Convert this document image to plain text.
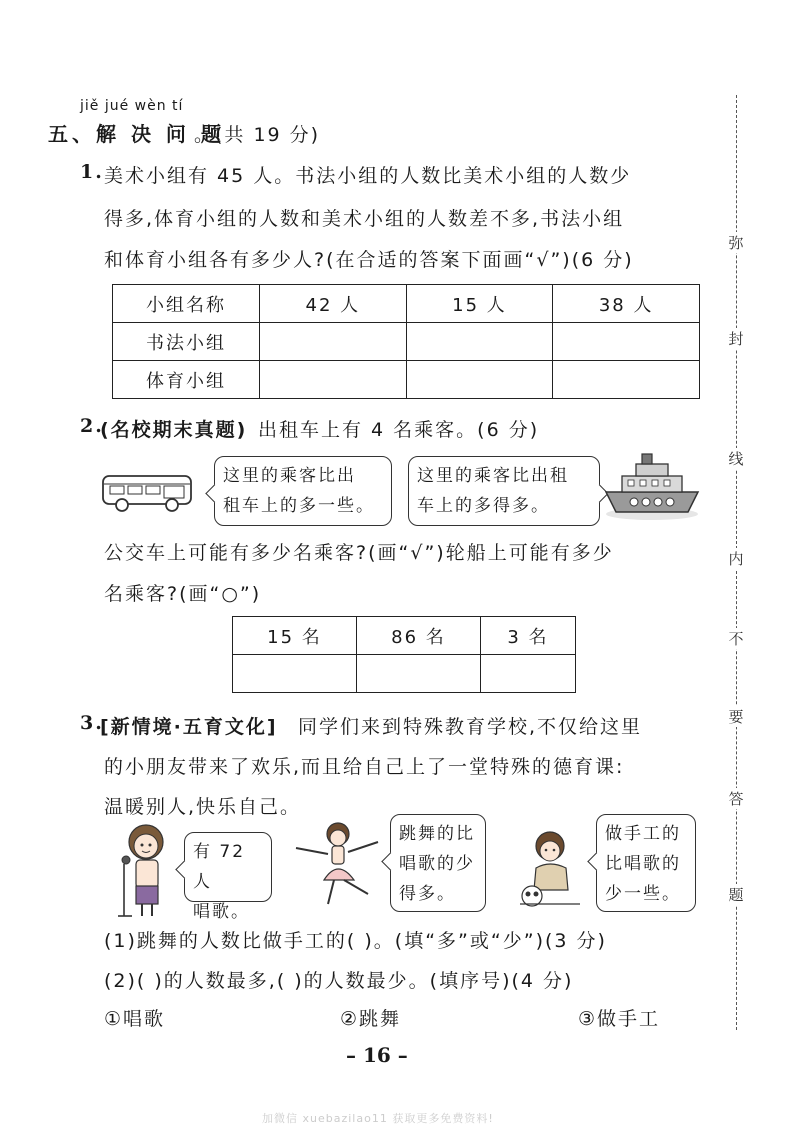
jiě jué wèn tí
五、解 决 问 题
。(共 19 分)
1. 美术小组有 45 人。书法小组的人数比美术小组的人数少
得多,体育小组的人数和美术小组的人数差不多,书法小组
和体育小组各有多少人?(在合适的答案下面画“√”)(6 分)
小组名称	42 人	15 人	38 人
书法小组			
体育小组			
2.
(名校期末真题) 出租车上有 4 名乘客。(6 分)
这里的乘客比出
租车上的多一些。
这里的乘客比出租
车上的多得多。
公交车上可能有多少名乘客?(画“√”)轮船上可能有多少
名乘客?(画“○”)
15 名	86 名	3 名

3.
[新情境·五育文化] 同学们来到特殊教育学校,不仅给这里
的小朋友带来了欢乐,而且给自己上了一堂特殊的德育课:
温暖别人,快乐自己。
有 72 人
唱歌。
跳舞的比
唱歌的少
得多。
做手工的
比唱歌的
少一些。
(1)跳舞的人数比做手工的( )。(填“多”或“少”)(3 分)
(2)( )的人数最多,( )的人数最少。(填序号)(4 分)
①唱歌	②跳舞	③做手工
– 16 –
弥
封
线
内
不
要
答
题
加微信 xuebazilao11 获取更多免费资料!
